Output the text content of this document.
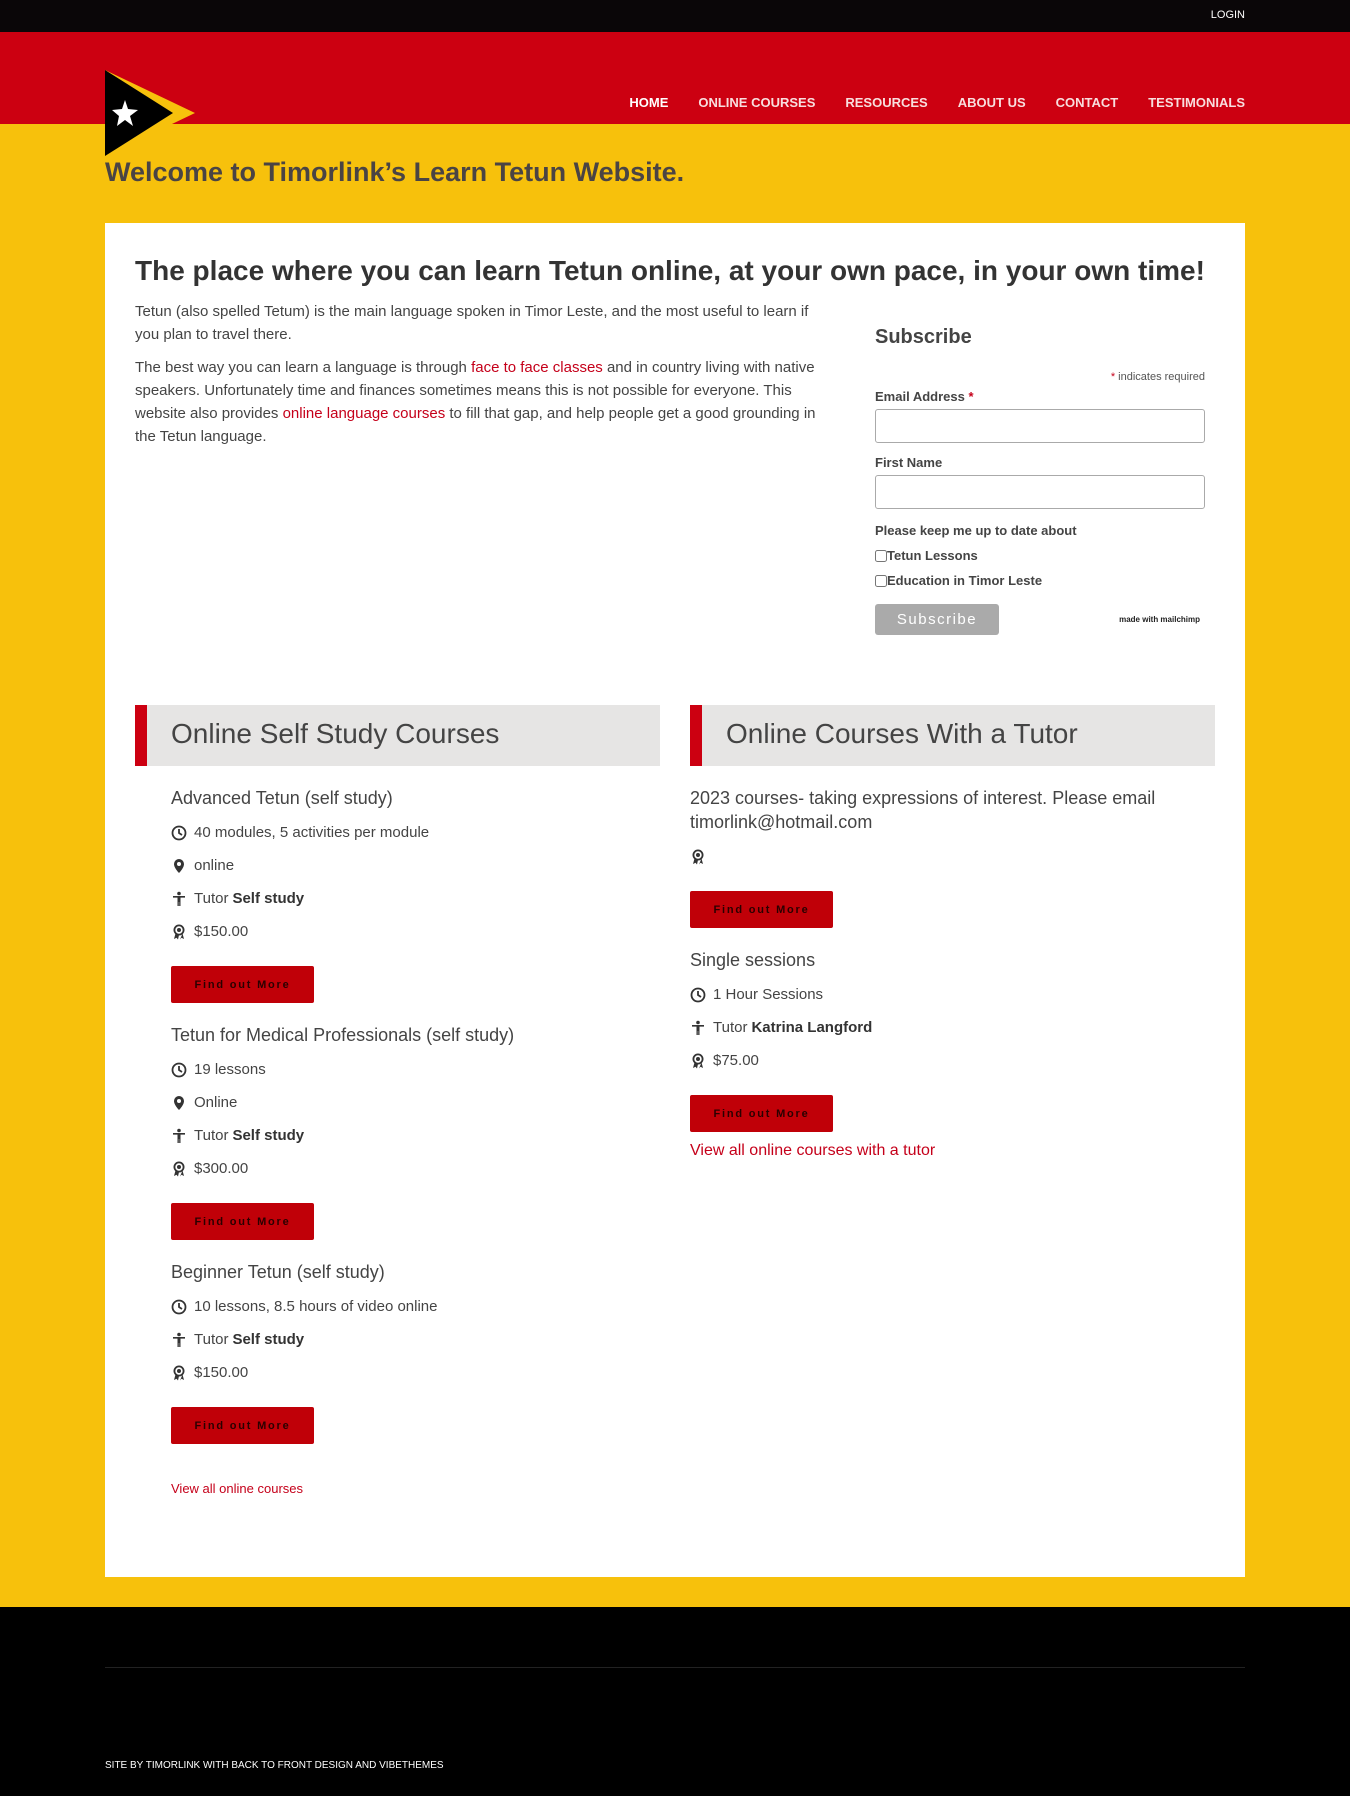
LOGIN
HOME ONLINE COURSES RESOURCES ABOUT US CONTACT TESTIMONIALS
Welcome to Timorlink’s Learn Tetun Website.
The place where you can learn Tetun online, at your own pace, in your own time!

Tetun (also spelled Tetum) is the main language spoken in Timor Leste, and the most useful to learn if you plan to travel there.

The best way you can learn a language is through face to face classes and in country living with native speakers. Unfortunately time and finances sometimes means this is not possible for everyone. This website also provides online language courses to fill that gap, and help people get a good grounding in the Tetun language.

Subscribe
* indicates required
Email Address *
First Name
Please keep me up to date about
Tetun Lessons
Education in Timor Leste
Subscribe	made with mailchimp
Online Self Study Courses
Advanced Tetun (self study)
40 modules, 5 activities per module
online
Tutor Self study
$150.00
Find out More
Tetun for Medical Professionals (self study)
19 lessons
Online
Tutor Self study
$300.00
Find out More
Beginner Tetun (self study)
10 lessons, 8.5 hours of video online
Tutor Self study
$150.00
Find out More
View all online courses
Online Courses With a Tutor
2023 courses- taking expressions of interest. Please email timorlink@hotmail.com
Find out More
Single sessions
1 Hour Sessions
Tutor Katrina Langford
$75.00
Find out More
View all online courses with a tutor
SITE BY TIMORLINK WITH BACK TO FRONT DESIGN AND VIBETHEMES
